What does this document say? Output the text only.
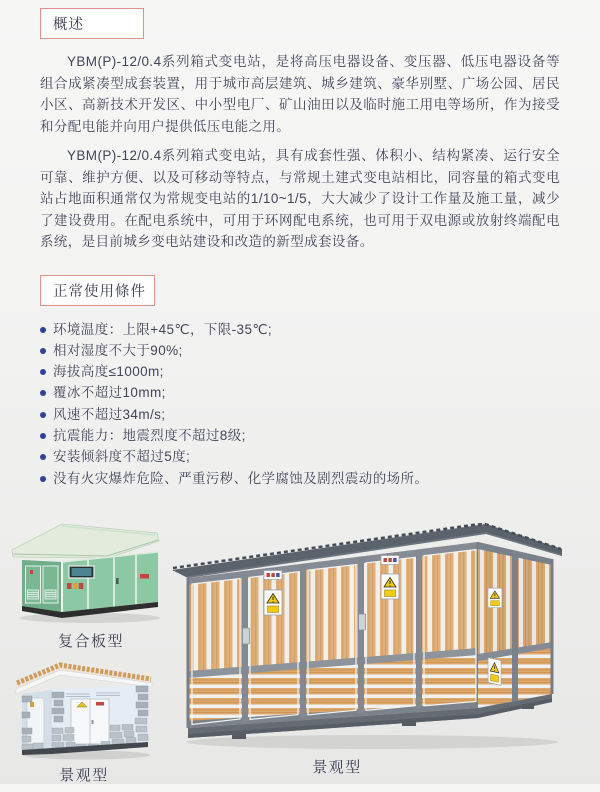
概述

YBM(P)-12/0.4系列箱式变电站，是将高压电器设备、变压器、低压电器设备等组合成紧凑型成套装置，用于城市高层建筑、城乡建筑、豪华别墅、广场公园、居民小区、高新技术开发区、中小型电厂、矿山油田以及临时施工用电等场所，作为接受和分配电能并向用户提供低压电能之用。

YBM(P)-12/0.4系列箱式变电站，具有成套性强、体积小、结构紧凑、运行安全可靠、维护方便、以及可移动等特点，与常规土建式变电站相比，同容量的箱式变电站占地面积通常仅为常规变电站的1/10~1/5，大大减少了设计工作量及施工量，减少了建设费用。在配电系统中，可用于环网配电系统，也可用于双电源或放射终端配电系统，是目前城乡变电站建设和改造的新型成套设备。

正常使用條件
环境温度：上限+45℃，下限-35℃;
相对湿度不大于90%;
海拔高度≤1000m;
覆冰不超过10mm;
风速不超过34m/s;
抗震能力：地震烈度不超过8级;
安装倾斜度不超过5度;
没有火灾爆炸危险、严重污秽、化学腐蚀及剧烈震动的场所。
复合板型
景观型	景观型
